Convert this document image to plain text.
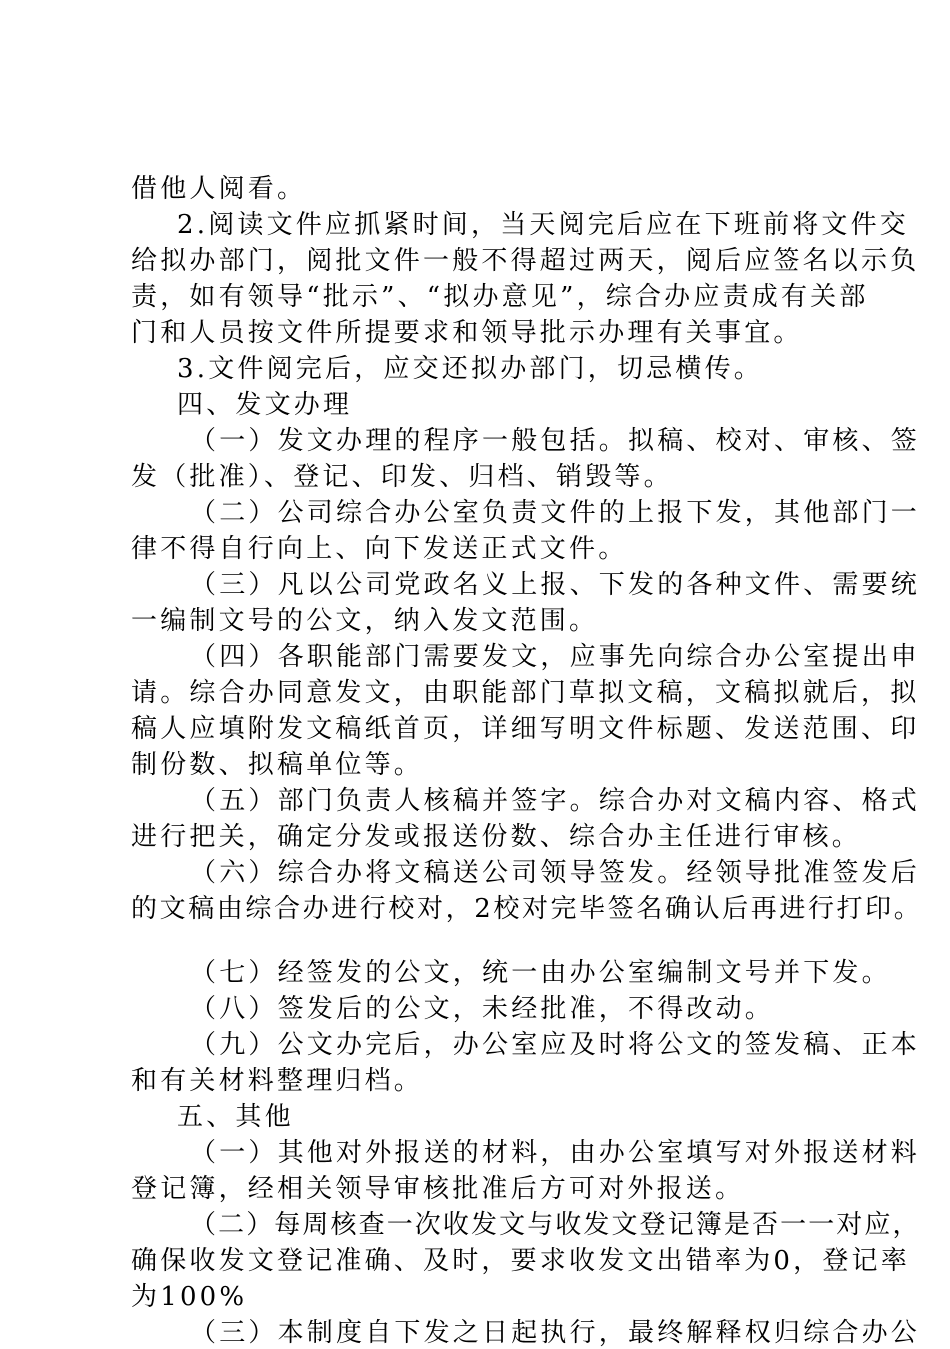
借他人阅看。
2.阅读文件应抓紧时间，当天阅完后应在下班前将文件交
给拟办部门，阅批文件一般不得超过两天，阅后应签名以示负
责，如有领导“批示”、“拟办意见”，综合办应责成有关部
门和人员按文件所提要求和领导批示办理有关事宜。
3.文件阅完后，应交还拟办部门，切忌横传。
四、发文办理
（一）发文办理的程序一般包括。拟稿、校对、审核、签
发（批准）、登记、印发、归档、销毁等。
（二）公司综合办公室负责文件的上报下发，其他部门一
律不得自行向上、向下发送正式文件。
（三）凡以公司党政名义上报、下发的各种文件、需要统
一编制文号的公文，纳入发文范围。
（四）各职能部门需要发文，应事先向综合办公室提出申
请。综合办同意发文，由职能部门草拟文稿，文稿拟就后，拟
稿人应填附发文稿纸首页，详细写明文件标题、发送范围、印
制份数、拟稿单位等。
（五）部门负责人核稿并签字。综合办对文稿内容、格式
进行把关，确定分发或报送份数、综合办主任进行审核。
（六）综合办将文稿送公司领导签发。经领导批准签发后
的文稿由综合办进行校对，2校对完毕签名确认后再进行打印。
（七）经签发的公文，统一由办公室编制文号并下发。
（八）签发后的公文，未经批准，不得改动。
（九）公文办完后，办公室应及时将公文的签发稿、正本
和有关材料整理归档。
五、其他
（一）其他对外报送的材料，由办公室填写对外报送材料
登记簿，经相关领导审核批准后方可对外报送。
（二）每周核查一次收发文与收发文登记簿是否一一对应，
确保收发文登记准确、及时，要求收发文出错率为0，登记率
为100%
（三）本制度自下发之日起执行，最终解释权归综合办公
